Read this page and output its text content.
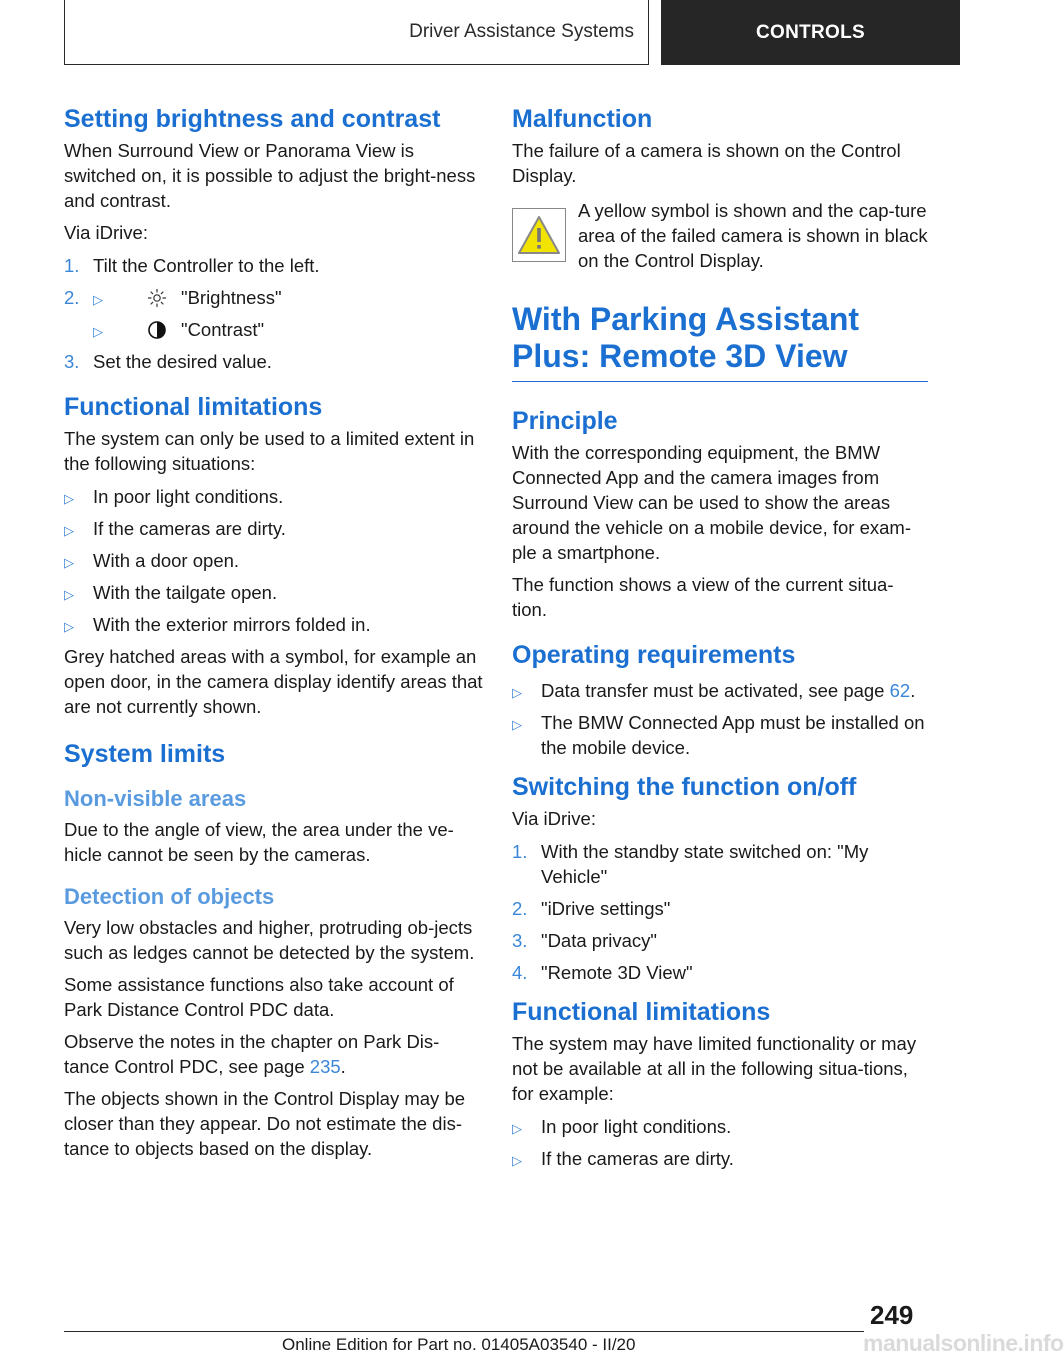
Driver Assistance Systems	CONTROLS
Setting brightness and contrast

When Surround View or Panorama View is switched on, it is possible to adjust the bright‐ness and contrast.

Via iDrive:

1. Tilt the Controller to the left.
2. ▷	"Brightness"
▷	"Contrast"
3. Set the desired value.
Functional limitations

The system can only be used to a limited extent in the following situations:

▷ In poor light conditions.
▷ If the cameras are dirty.
▷ With a door open.
▷ With the tailgate open.
▷ With the exterior mirrors folded in.

Grey hatched areas with a symbol, for example an open door, in the camera display identify areas that are not currently shown.

System limits
Non-visible areas

Due to the angle of view, the area under the ve‐hicle cannot be seen by the cameras.

Detection of objects

Very low obstacles and higher, protruding ob‐jects such as ledges cannot be detected by the system.

Some assistance functions also take account of Park Distance Control PDC data.

Observe the notes in the chapter on Park Dis‐tance Control PDC, see page 235.

The objects shown in the Control Display may be closer than they appear. Do not estimate the dis‐tance to objects based on the display.

Malfunction

The failure of a camera is shown on the Control Display.

A yellow symbol is shown and the cap‐ture area of the failed camera is shown in black on the Control Display.

With Parking Assistant
Plus: Remote 3D View
Principle

With the corresponding equipment, the BMW Connected App and the camera images from Surround View can be used to show the areas around the vehicle on a mobile device, for exam‐ple a smartphone.

The function shows a view of the current situa‐tion.

Operating requirements
▷ Data transfer must be activated, see page 62.
▷ The BMW Connected App must be installed on the mobile device.
Switching the function on/off

Via iDrive:

1. With the standby state switched on: "My Vehicle"
2. "iDrive settings"
3. "Data privacy"
4. "Remote 3D View"
Functional limitations

The system may have limited functionality or may not be available at all in the following situa‐tions, for example:

▷ In poor light conditions.
▷ If the cameras are dirty.
249
Online Edition for Part no. 01405A03540 - II/20	manualsonline.info
